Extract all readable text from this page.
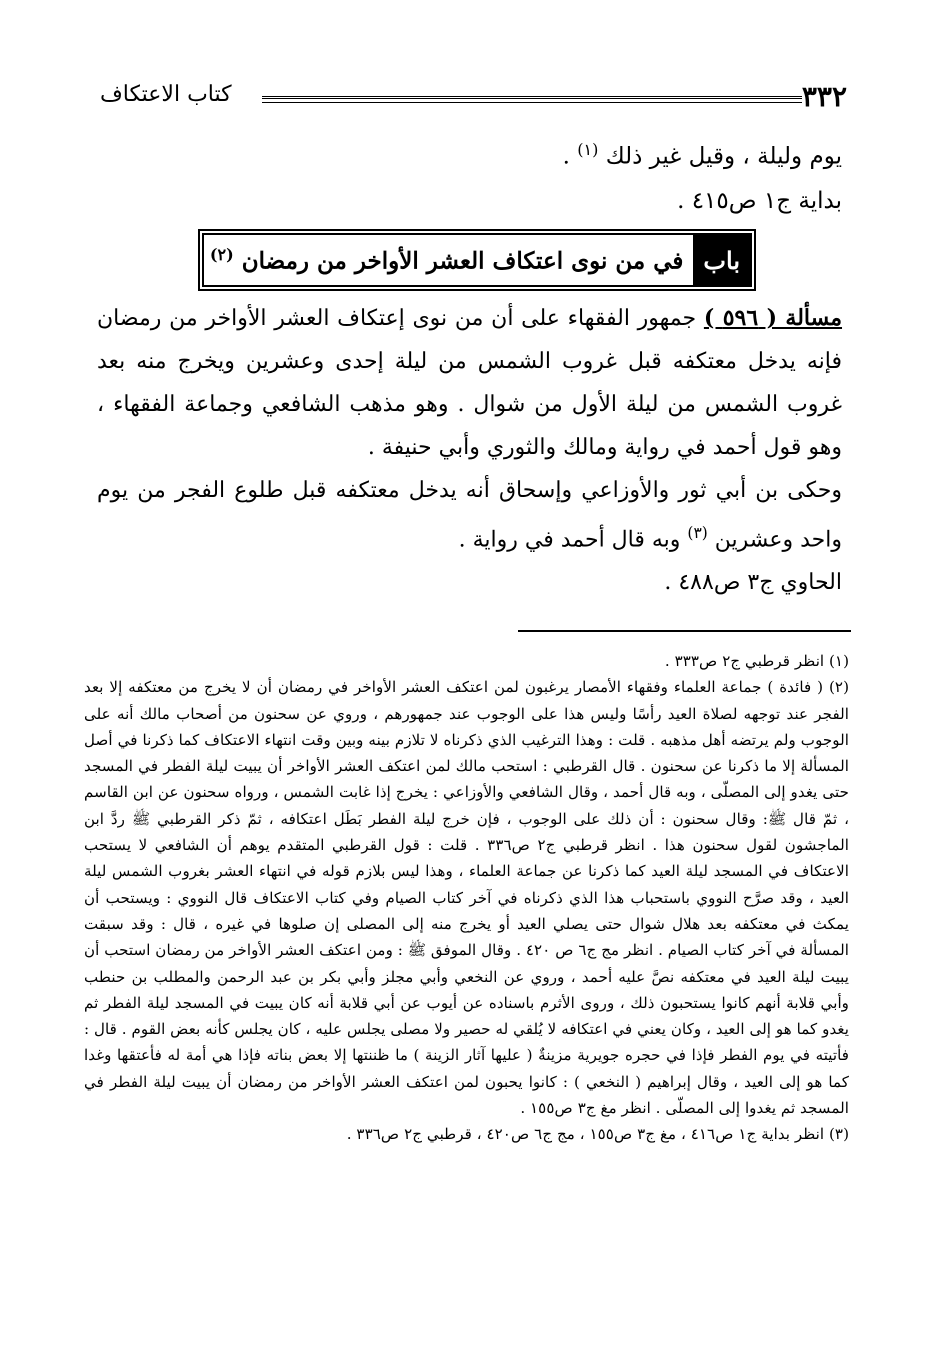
٣٣٢
كتاب الاعتكاف
يوم وليلة ، وقيل غير ذلك $^{(١)}$ .
بداية ج١ ص٤١٥ .
باب
في من نوى اعتكاف العشر الأواخر من رمضان $^{(٢)}$

مسألة ( ٥٩٦ ) جمهور الفقهاء على أن من نوى إعتكاف العشر الأواخر من رمضان فإنه يدخل معتكفه قبل غروب الشمس من ليلة إحدى وعشرين ويخرج منه بعد غروب الشمس من ليلة الأول من شوال . وهو مذهب الشافعي وجماعة الفقهاء ، وهو قول أحمد في رواية ومالك والثوري وأبي حنيفة .

وحكى بن أبي ثور والأوزاعي وإسحاق أنه يدخل معتكفه قبل طلوع الفجر من يوم واحد وعشرين $^{(٣)}$ وبه قال أحمد في رواية .

الحاوي ج٣ ص٤٨٨ .

(١) انظر قرطبي ج٢ ص٣٣٣ .

(٢) ( فائدة ) جماعة العلماء وفقهاء الأمصار يرغبون لمن اعتكف العشر الأواخر في رمضان أن لا يخرج من معتكفه إلا بعد الفجر عند توجهه لصلاة العيد رأسًا وليس هذا على الوجوب عند جمهورهم ، وروي عن سحنون من أصحاب مالك أنه على الوجوب ولم يرتضه أهل مذهبه . قلت : وهذا الترغيب الذي ذكرناه لا تلازم بينه وبين وقت انتهاء الاعتكاف كما ذكرنا في أصل المسألة إلا ما ذكرنا عن سحنون . قال القرطبي : استحب مالك لمن اعتكف العشر الأواخر أن يبيت ليلة الفطر في المسجد حتى يغدو إلى المصلّى ، وبه قال أحمد ، وقال الشافعي والأوزاعي : يخرج إذا غابت الشمس ، ورواه سحنون عن ابن القاسم ، ثمّ قال ﷺ: وقال سحنون : أن ذلك على الوجوب ، فإن خرج ليلة الفطر بَطَل اعتكافه ، ثمّ ذكر القرطبي ﷺ ردَّ ابن الماجشون لقول سحنون هذا . انظر قرطبي ج٢ ص٣٣٦ . قلت : قول القرطبي المتقدم يوهم أن الشافعي لا يستحب الاعتكاف في المسجد ليلة العيد كما ذكرنا عن جماعة العلماء ، وهذا ليس بلازم قوله في انتهاء العشر بغروب الشمس ليلة العيد ، وقد صرَّح النووي باستحباب هذا الذي ذكرناه في آخر كتاب الصيام وفي كتاب الاعتكاف قال النووي : ويستحب أن يمكث في معتكفه بعد هلال شوال حتى يصلي العيد أو يخرج منه إلى المصلى إن صلوها في غيره ، قال : وقد سبقت المسألة في آخر كتاب الصيام . انظر مج ج٦ ص ٤٢٠ . وقال الموفق ﷺ : ومن اعتكف العشر الأواخر من رمضان استحب أن يبيت ليلة العيد في معتكفه نصَّ عليه أحمد ، وروي عن النخعي وأبي مجلز وأبي بكر بن عبد الرحمن والمطلب بن حنطب وأبي قلابة أنهم كانوا يستحبون ذلك ، وروى الأثرم باسناده عن أيوب عن أبي قلابة أنه كان يبيت في المسجد ليلة الفطر ثم يغدو كما هو إلى العيد ، وكان يعني في اعتكافه لا يُلقي له حصير ولا مصلى يجلس عليه ، كان يجلس كأنه بعض القوم . قال : فأتيته في يوم الفطر فإذا في حجره جويرية مزينةٌ ( عليها آثار الزينة ) ما ظننتها إلا بعض بناته فإذا هي أمة له فأعتقها وغدا كما هو إلى العيد ، وقال إبراهيم ( النخعي ) : كانوا يحبون لمن اعتكف العشر الأواخر من رمضان أن يبيت ليلة الفطر في المسجد ثم يغدوا إلى المصلّى . انظر مغ ج٣ ص١٥٥ .

(٣) انظر بداية ج١ ص٤١٦ ، مغ ج٣ ص١٥٥ ، مج ج٦ ص٤٢٠ ، قرطبي ج٢ ص٣٣٦ .
